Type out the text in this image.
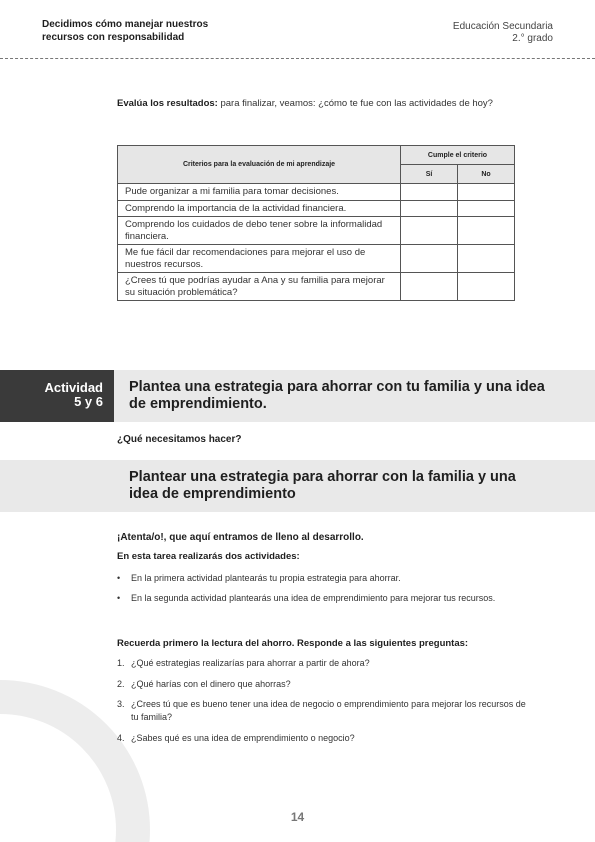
Decidimos cómo manejar nuestros
recursos con responsabilidad
Educación Secundaria
2.° grado
Evalúa los resultados: para finalizar, veamos: ¿cómo te fue con las actividades de hoy?
Criterios para la evaluación de mi aprendizaje	Cumple el criterio	
	Sí	No
Pude organizar a mi familia para tomar decisiones.		
Comprendo la importancia de la actividad financiera.		
Comprendo los cuidados de debo tener sobre la informalidad financiera.		
Me fue fácil dar recomendaciones para mejorar el uso de nuestros recursos.		
¿Crees tú que podrías ayudar a Ana y su familia para mejorar su situación problemática?		
Actividad
5 y 6
Plantea una estrategia para ahorrar con tu familia y una idea de emprendimiento.
¿Qué necesitamos hacer?
Plantear una estrategia para ahorrar con la familia y una idea de emprendimiento
¡Atenta/o!, que aquí entramos de lleno al desarrollo.
En esta tarea realizarás dos actividades:
• En la primera actividad plantearás tu propia estrategia para ahorrar.
• En la segunda actividad plantearás una idea de emprendimiento para mejorar tus recursos.
Recuerda primero la lectura del ahorro. Responde a las siguientes preguntas:
1. ¿Qué estrategias realizarías para ahorrar a partir de ahora?
2. ¿Qué harías con el dinero que ahorras?
3. ¿Crees tú que es bueno tener una idea de negocio o emprendimiento para mejorar los recursos de tu familia?
4. ¿Sabes qué es una idea de emprendimiento o negocio?
14
